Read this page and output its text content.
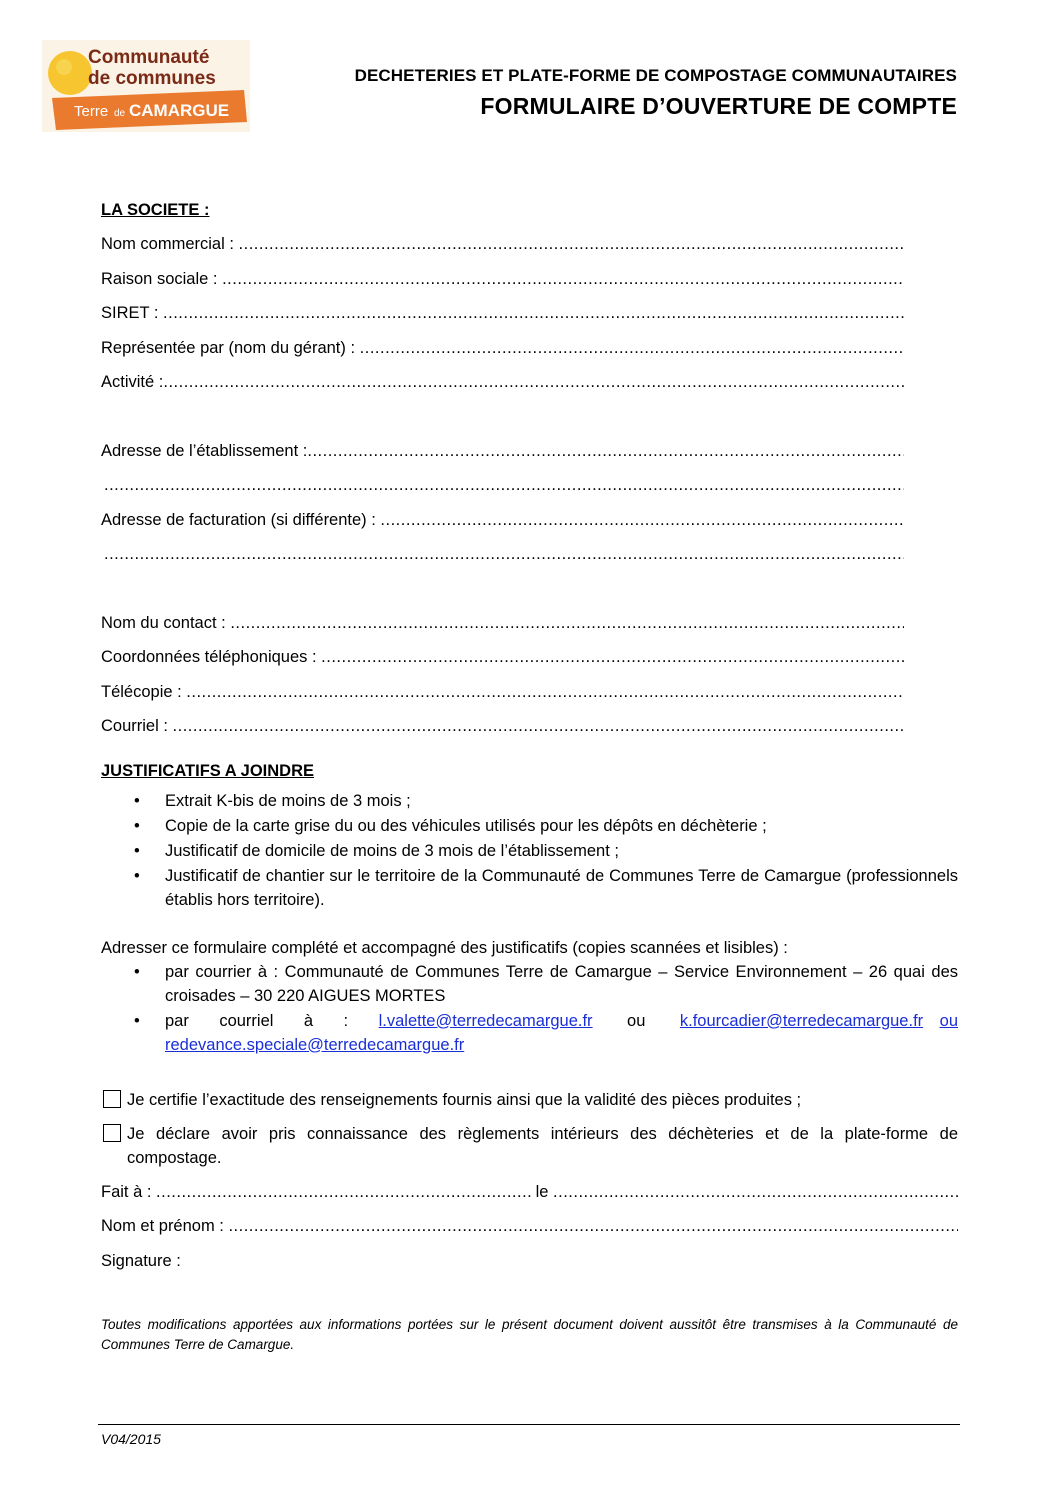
Communauté
de communes
Terre de CAMARGUE
DECHETERIES ET PLATE-FORME DE COMPOSTAGE COMMUNAUTAIRES
FORMULAIRE D’OUVERTURE DE COMPTE
LA SOCIETE :
Nom commercial :
.....
Raison sociale :
.....
SIRET :
.....
Représentée par (nom du gérant) :
.....
Activité :
.....
Adresse de l’établissement :
.....
.....
Adresse de facturation (si différente) :
.....
.....
Nom du contact :
.....
Coordonnées téléphoniques :
.....
Télécopie :
.....
Courriel :
.....
JUSTIFICATIFS A JOINDRE
• Extrait K-bis de moins de 3 mois ;
• Copie de la carte grise du ou des véhicules utilisés pour les dépôts en déchèterie ;
• Justificatif de domicile de moins de 3 mois de l’établissement ;
• Justificatif de chantier sur le territoire de la Communauté de Communes Terre de Camargue (professionnels établis hors territoire).
Adresser ce formulaire complété et accompagné des justificatifs (copies scannées et lisibles) :
• par courrier à : Communauté de Communes Terre de Camargue – Service Environnement – 26 quai des croisades – 30 220 AIGUES MORTES
• par courriel à : l.valette@terredecamargue.fr ou k.fourcadier@terredecamargue.fr ou redevance.speciale@terredecamargue.fr
Je certifie l’exactitude des renseignements fournis ainsi que la validité des pièces produites ;
Je déclare avoir pris connaissance des règlements intérieurs des déchèteries et de la plate-forme de compostage.
Fait à :
.....	le
.....
Nom et prénom :
.....
Signature :
Toutes modifications apportées aux informations portées sur le présent document doivent aussitôt être transmises à la Communauté de Communes Terre de Camargue.
V04/2015
